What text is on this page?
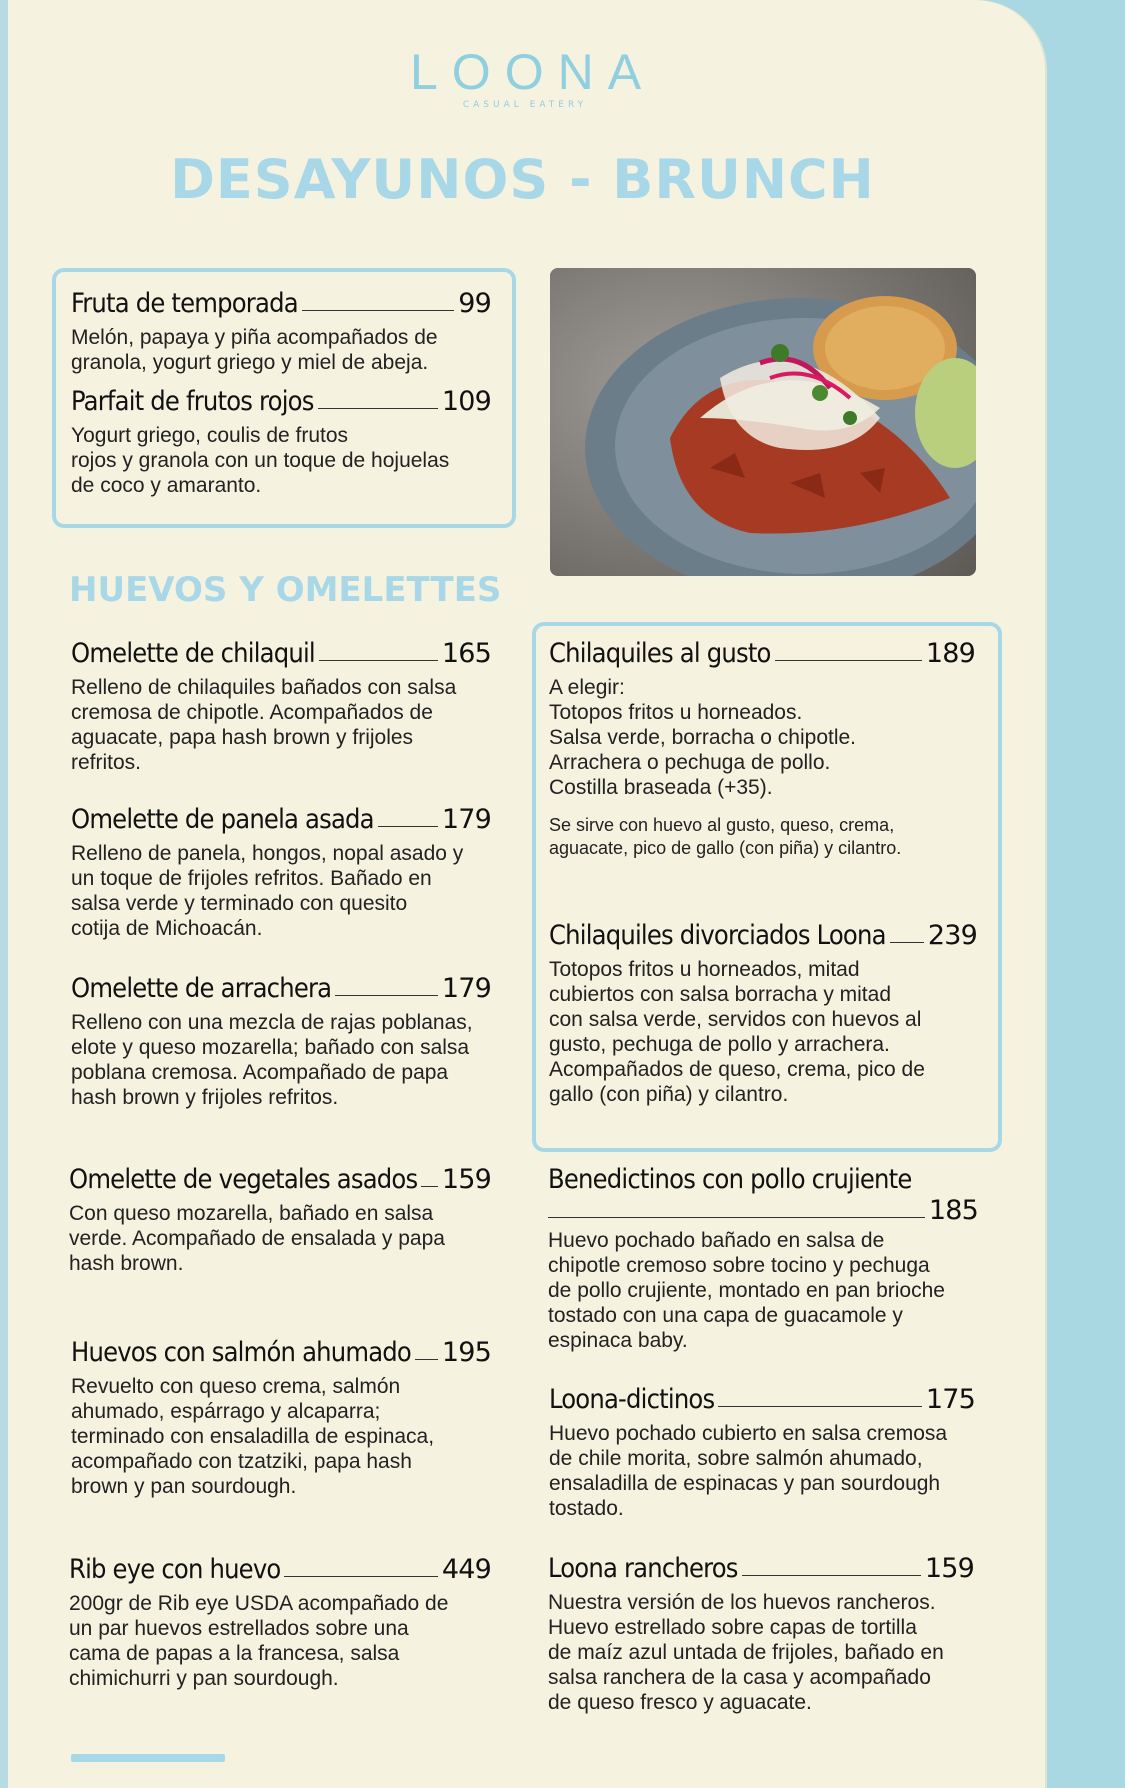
LOONA
CASUAL EATERY
DESAYUNOS - BRUNCH
Fruta de temporada	99
Melón, papaya y piña acompañados de
granola, yogurt griego y miel de abeja.
Parfait de frutos rojos	109
Yogurt griego, coulis de frutos
rojos y granola con un toque de hojuelas
de coco y amaranto.
HUEVOS Y OMELETTES
Omelette de chilaquil	165
Relleno de chilaquiles bañados con salsa
cremosa de chipotle. Acompañados de
aguacate, papa hash brown y frijoles
refritos.
Omelette de panela asada	179
Relleno de panela, hongos, nopal asado y
un toque de frijoles refritos. Bañado en
salsa verde y terminado con quesito
cotija de Michoacán.
Omelette de arrachera	179
Relleno con una mezcla de rajas poblanas,
elote y queso mozarella; bañado con salsa
poblana cremosa. Acompañado de papa
hash brown y frijoles refritos.
Omelette de vegetales asados 159
Con queso mozarella, bañado en salsa
verde. Acompañado de ensalada y papa
hash brown.
Huevos con salmón ahumado 195
Revuelto con queso crema, salmón
ahumado, espárrago y alcaparra;
terminado con ensaladilla de espinaca,
acompañado con tzatziki, papa hash
brown y pan sourdough.
Rib eye con huevo	449
200gr de Rib eye USDA acompañado de
un par huevos estrellados sobre una
cama de papas a la francesa, salsa
chimichurri y pan sourdough.
Chilaquiles al gusto	189
A elegir:
Totopos fritos u horneados.
Salsa verde, borracha o chipotle.
Arrachera o pechuga de pollo.
Costilla braseada (+35).
Se sirve con huevo al gusto, queso, crema,
aguacate, pico de gallo (con piña) y cilantro.
Chilaquiles divorciados Loona 239
Totopos fritos u horneados, mitad
cubiertos con salsa borracha y mitad
con salsa verde, servidos con huevos al
gusto, pechuga de pollo y arrachera.
Acompañados de queso, crema, pico de
gallo (con piña) y cilantro.
Benedictinos con pollo crujiente
185
Huevo pochado bañado en salsa de
chipotle cremoso sobre tocino y pechuga
de pollo crujiente, montado en pan brioche
tostado con una capa de guacamole y
espinaca baby.
Loona-dictinos	175
Huevo pochado cubierto en salsa cremosa
de chile morita, sobre salmón ahumado,
ensaladilla de espinacas y pan sourdough
tostado.
Loona rancheros	159
Nuestra versión de los huevos rancheros.
Huevo estrellado sobre capas de tortilla
de maíz azul untada de frijoles, bañado en
salsa ranchera de la casa y acompañado
de queso fresco y aguacate.
